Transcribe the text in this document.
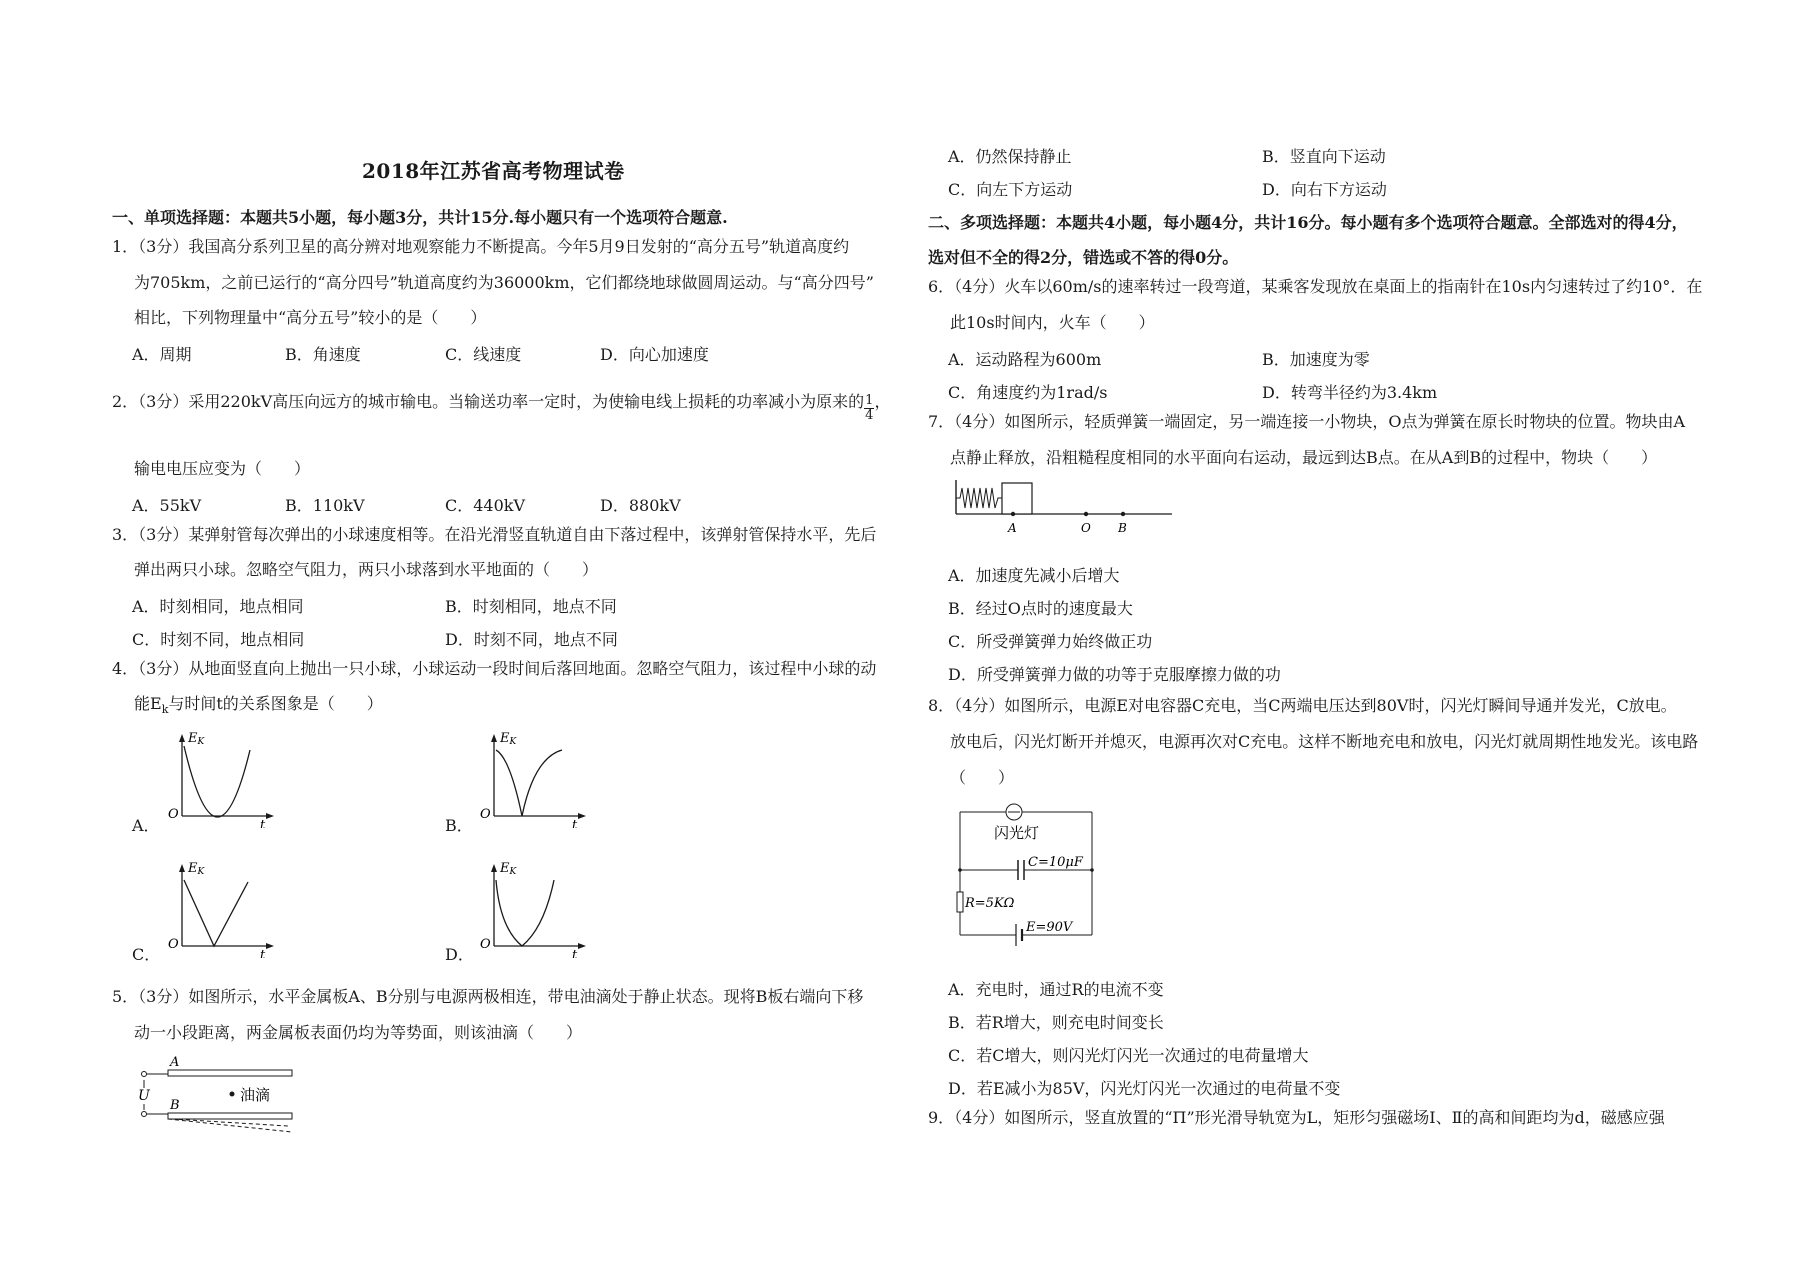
2018年江苏省高考物理试卷
一、单项选择题：本题共5小题，每小题3分，共计15分.每小题只有一个选项符合题意.
1．（3分）我国高分系列卫星的高分辨对地观察能力不断提高。今年5月9日发射的“高分五号”轨道高度约
为705km，之前已运行的“高分四号”轨道高度约为36000km，它们都绕地球做圆周运动。与“高分四号”
相比，下列物理量中“高分五号”较小的是（　　）
A．周期	B．角速度	C．线速度	D．向心加速度
2．（3分）采用220kV高压向远方的城市输电。当输送功率一定时，为使输电线上损耗的功率减小为原来的 $\frac{1}{4}$ ，
输电电压应变为（　　）
A．55kV	B．110kV	C．440kV	D．880kV
3．（3分）某弹射管每次弹出的小球速度相等。在沿光滑竖直轨道自由下落过程中，该弹射管保持水平，先后
弹出两只小球。忽略空气阻力，两只小球落到水平地面的（　　）
A．时刻相同，地点相同	B．时刻相同，地点不同
C．时刻不同，地点相同	D．时刻不同，地点不同
4．（3分）从地面竖直向上抛出一只小球，小球运动一段时间后落回地面。忽略空气阻力，该过程中小球的动
能$E_k$与时间t的关系图象是（　　）
A．
EK
O
t	B．
EK
O
t
C．
EK
O
t	D．
EK
O
t
5．（3分）如图所示，水平金属板A、B分别与电源两极相连，带电油滴处于静止状态。现将B板右端向下移
动一小段距离，两金属板表面仍均为等势面，则该油滴（　　）
U
A
B
油滴
A．仍然保持静止	B．竖直向下运动
C．向左下方运动	D．向右下方运动
二、多项选择题：本题共4小题，每小题4分，共计16分。每小题有多个选项符合题意。全部选对的得4分，
选对但不全的得2分，错选或不答的得0分。
6．（4分）火车以60m/s的速率转过一段弯道，某乘客发现放在桌面上的指南针在10s内匀速转过了约10°．在
此10s时间内，火车（　　）
A．运动路程为600m	B．加速度为零
C．角速度约为1rad/s	D．转弯半径约为3.4km
7．（4分）如图所示，轻质弹簧一端固定，另一端连接一小物块，O点为弹簧在原长时物块的位置。物块由A
点静止释放，沿粗糙程度相同的水平面向右运动，最远到达B点。在从A到B的过程中，物块（　　）
A	O B
A．加速度先减小后增大
B．经过O点时的速度最大
C．所受弹簧弹力始终做正功
D．所受弹簧弹力做的功等于克服摩擦力做的功
8．（4分）如图所示，电源E对电容器C充电，当C两端电压达到80V时，闪光灯瞬间导通并发光，C放电。
放电后，闪光灯断开并熄灭，电源再次对C充电。这样不断地充电和放电，闪光灯就周期性地发光。该电路
（　　）
闪光灯
C=10μF
R=5KΩ
E=90V
A．充电时，通过R的电流不变
B．若R增大，则充电时间变长
C．若C增大，则闪光灯闪光一次通过的电荷量增大
D．若E减小为85V，闪光灯闪光一次通过的电荷量不变
9．（4分）如图所示，竖直放置的“Π”形光滑导轨宽为L，矩形匀强磁场Ⅰ、Ⅱ的高和间距均为d，磁感应强
